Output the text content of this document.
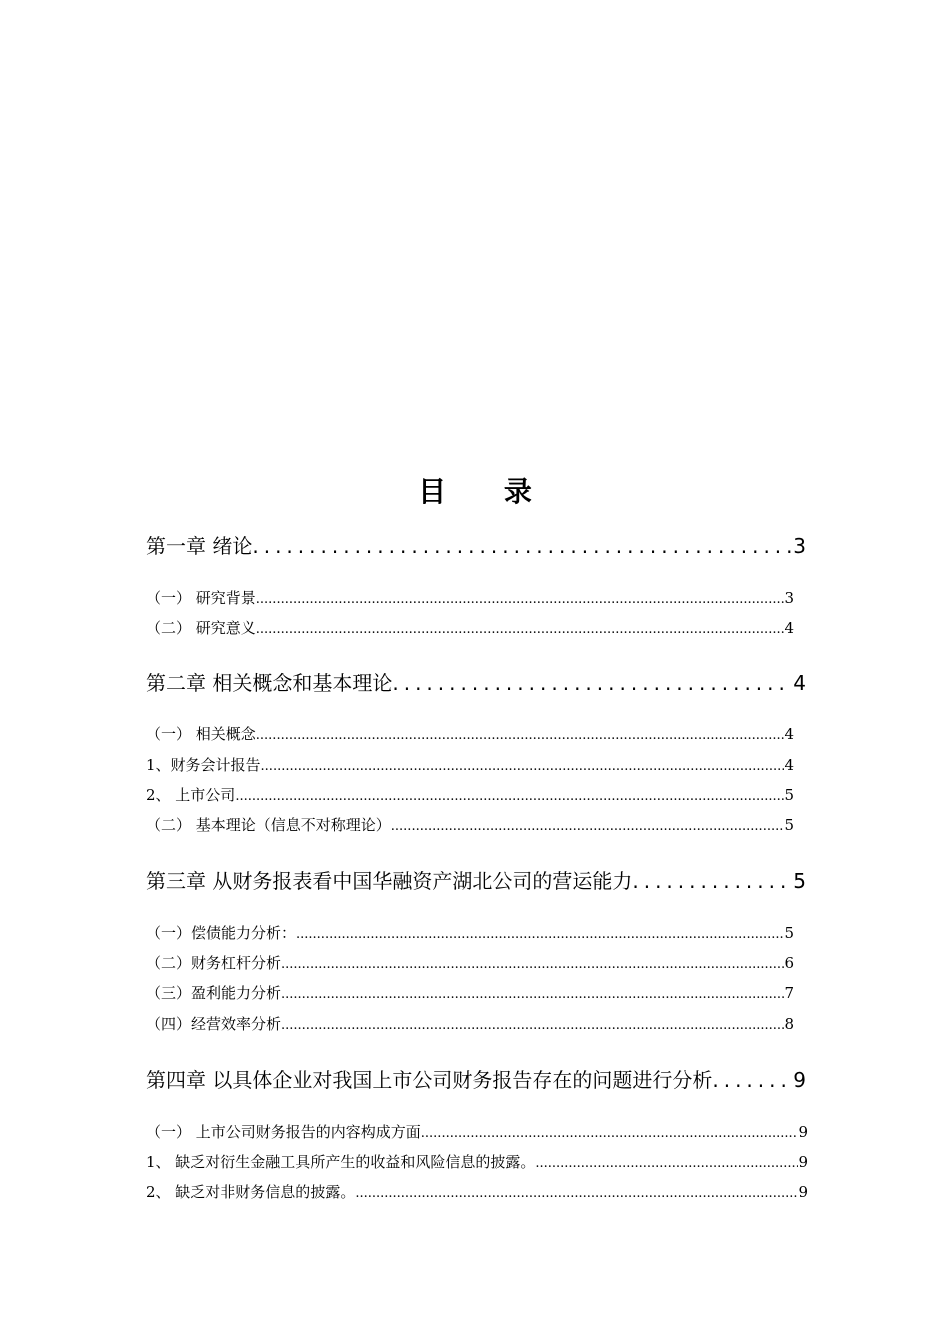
目 录
第一章 绪论 .....	3
（一） 研究背景 .....	3
（二） 研究意义 .....	4
第二章 相关概念和基本理论 .....	4
（一） 相关概念 .....	4
1、财务会计报告 .....	4
2、 上市公司 .....	5
（二） 基本理论（信息不对称理论） .....	5
第三章 从财务报表看中国华融资产湖北公司的营运能力 .....	5
（一）偿债能力分析： .....	5
（二）财务杠杆分析 .....	6
（三）盈利能力分析 .....	7
（四）经营效率分析 .....	8
第四章 以具体企业对我国上市公司财务报告存在的问题进行分析 .....	9
（一） 上市公司财务报告的内容构成方面 .....	9
1、 缺乏对衍生金融工具所产生的收益和风险信息的披露。 .....	9
2、 缺乏对非财务信息的披露。 .....	9
